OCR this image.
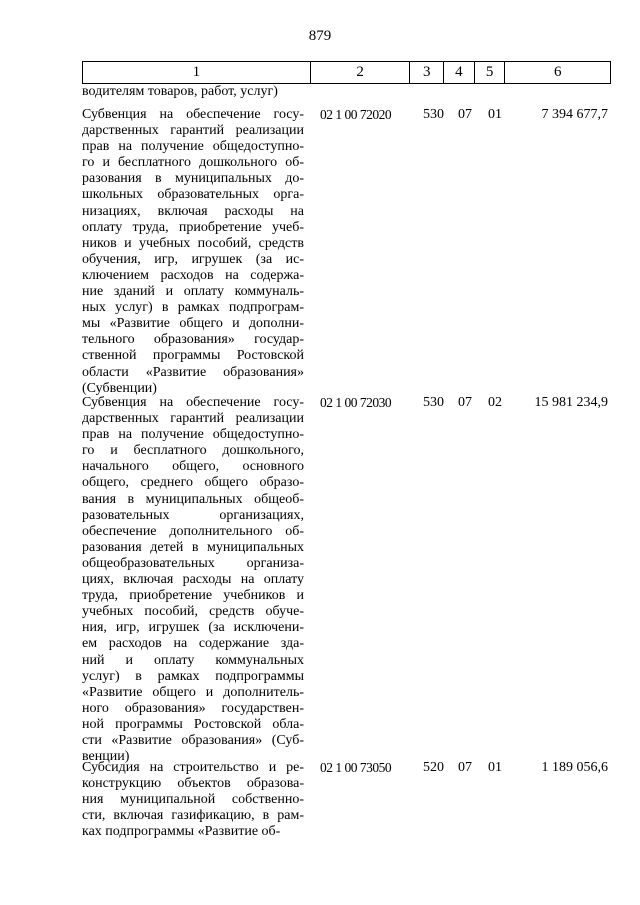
879
1	2	3	4	5	6
водителям товаров, работ, услуг)
Субвенция на обеспечение госу-
дарственных гарантий реализации
прав на получение общедоступно-
го и бесплатного дошкольного об-
разования в муниципальных до-
школьных образовательных орга-
низациях, включая расходы на
оплату труда, приобретение учеб-
ников и учебных пособий, средств
обучения, игр, игрушек (за ис-
ключением расходов на содержа-
ние зданий и оплату коммуналь-
ных услуг) в рамках подпрограм-
мы «Развитие общего и дополни-
тельного образования» государ-
ственной программы Ростовской
области «Развитие образования»
(Субвенции)
02 1 00 72020	530	07	01	7 394 677,7
Субвенция на обеспечение госу-
дарственных гарантий реализации
прав на получение общедоступно-
го и бесплатного дошкольного,
начального общего, основного
общего, среднего общего образо-
вания в муниципальных общеоб-
разовательных организациях,
обеспечение дополнительного об-
разования детей в муниципальных
общеобразовательных организа-
циях, включая расходы на оплату
труда, приобретение учебников и
учебных пособий, средств обуче-
ния, игр, игрушек (за исключени-
ем расходов на содержание зда-
ний и оплату коммунальных
услуг) в рамках подпрограммы
«Развитие общего и дополнитель-
ного образования» государствен-
ной программы Ростовской обла-
сти «Развитие образования» (Суб-
венции)
02 1 00 72030	530	07	02	15 981 234,9
Субсидия на строительство и ре-
конструкцию объектов образова-
ния муниципальной собственно-
сти, включая газификацию, в рам-
ках подпрограммы «Развитие об-
02 1 00 73050	520	07	01	1 189 056,6
